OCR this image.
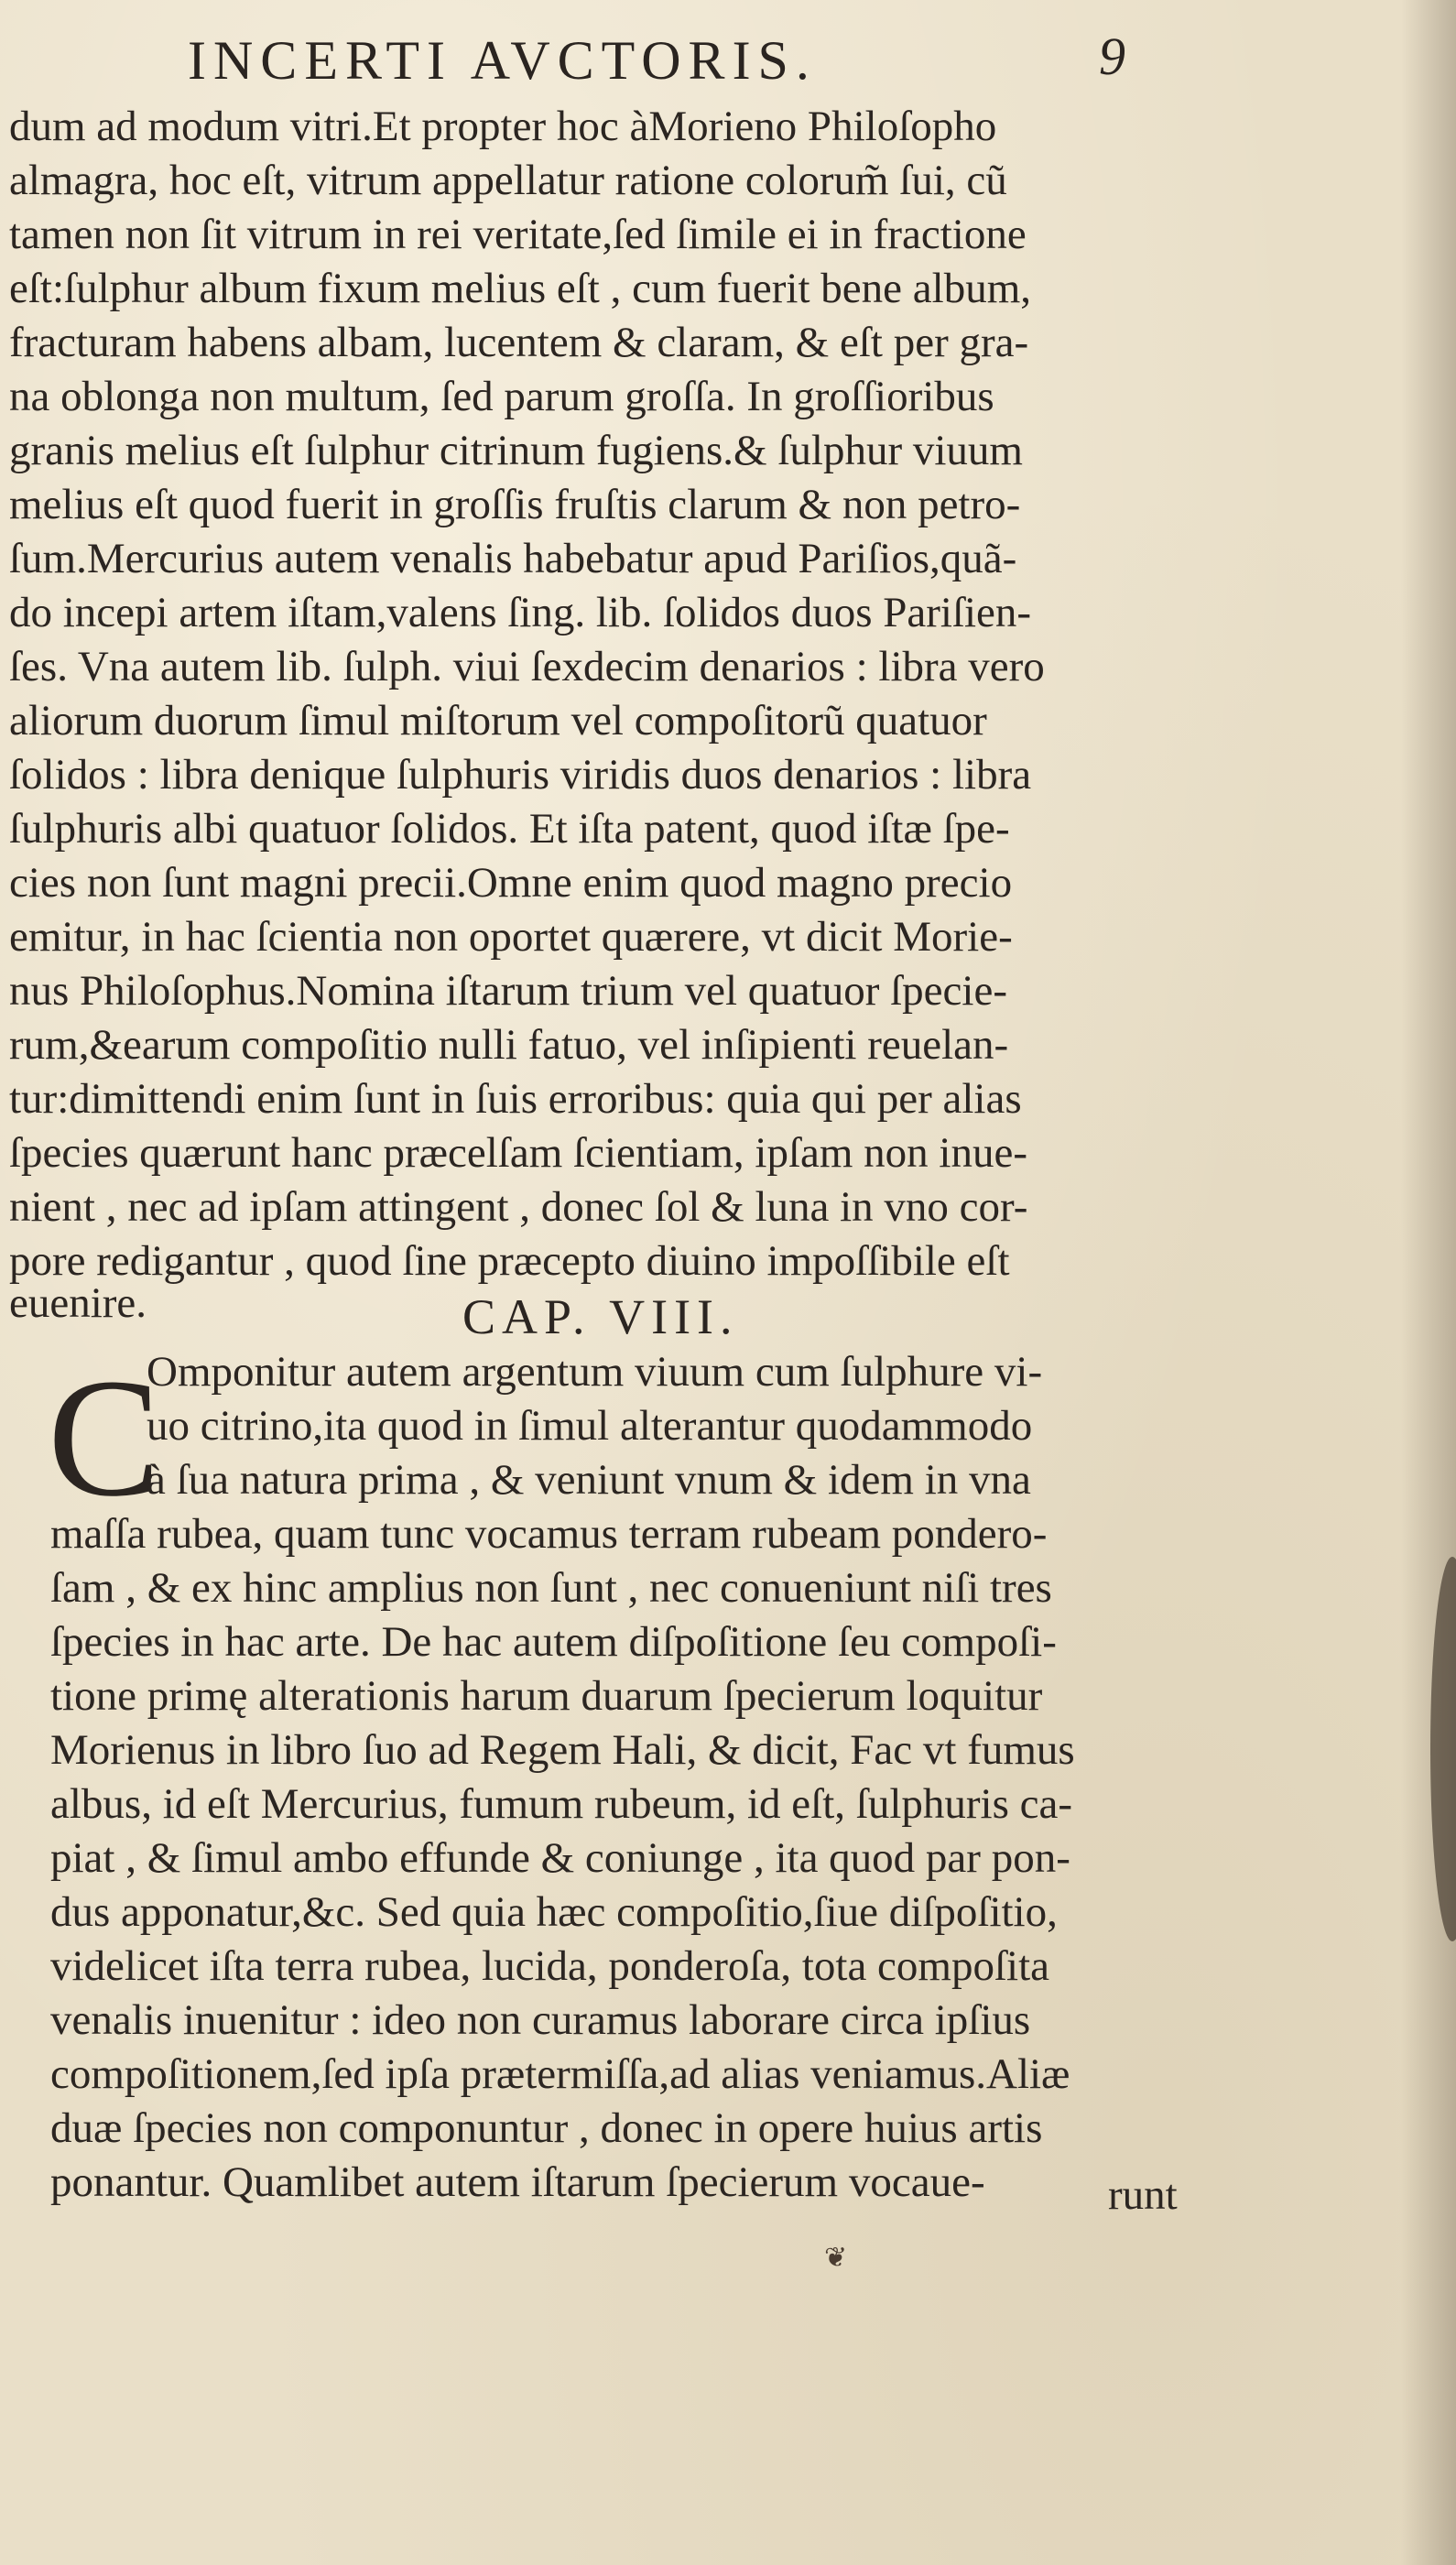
INCERTI AVCTORIS.	9
dum ad modum vitri.Et propter hoc àMorieno Philoſopho
almagra, hoc eſt, vitrum appellatur ratione colorum̃ ſui, cũ
tamen non ſit vitrum in rei veritate,ſed ſimile ei in fractione
eſt:ſulphur album fixum melius eſt , cum fuerit bene album,
fracturam habens albam, lucentem & claram, & eſt per gra-
na oblonga non multum, ſed parum groſſa. In groſſioribus
granis melius eſt ſulphur citrinum fugiens.& ſulphur viuum
melius eſt quod fuerit in groſſis fruſtis clarum & non petro-
ſum.Mercurius autem venalis habebatur apud Pariſios,quã-
do incepi artem iſtam,valens ſing. lib. ſolidos duos Pariſien-
ſes. Vna autem lib. ſulph. viui ſexdecim denarios : libra vero
aliorum duorum ſimul miſtorum vel compoſitorũ quatuor
ſolidos : libra denique ſulphuris viridis duos denarios : libra
ſulphuris albi quatuor ſolidos. Et iſta patent, quod iſtæ ſpe-
cies non ſunt magni precii.Omne enim quod magno precio
emitur, in hac ſcientia non oportet quærere, vt dicit Morie-
nus Philoſophus.Nomina iſtarum trium vel quatuor ſpecie-
rum,&earum compoſitio nulli fatuo, vel inſipienti reuelan-
tur:dimittendi enim ſunt in ſuis erroribus: quia qui per alias
ſpecies quærunt hanc præcelſam ſcientiam, ipſam non inue-
nient , nec ad ipſam attingent , donec ſol & luna in vno cor-
pore redigantur , quod ſine præcepto diuino impoſſibile eſt
euenire.	CAP. VIII.
C
Omponitur autem argentum viuum cum ſulphure vi-
uo citrino,ita quod in ſimul alterantur quodammodo
à ſua natura prima , & veniunt vnum & idem in vna
maſſa rubea, quam tunc vocamus terram rubeam pondero-
ſam , & ex hinc amplius non ſunt , nec conueniunt niſi tres
ſpecies in hac arte. De hac autem diſpoſitione ſeu compoſi-
tione primę alterationis harum duarum ſpecierum loquitur
Morienus in libro ſuo ad Regem Hali, & dicit, Fac vt fumus
albus, id eſt Mercurius, fumum rubeum, id eſt, ſulphuris ca-
piat , & ſimul ambo effunde & coniunge , ita quod par pon-
dus apponatur,&c. Sed quia hæc compoſitio,ſiue diſpoſitio,
videlicet iſta terra rubea, lucida, ponderoſa, tota compoſita
venalis inuenitur : ideo non curamus laborare circa ipſius
compoſitionem,ſed ipſa prætermiſſa,ad alias veniamus.Aliæ
duæ ſpecies non componuntur , donec in opere huius artis
ponantur. Quamlibet autem iſtarum ſpecierum vocaue-	runt
❦
